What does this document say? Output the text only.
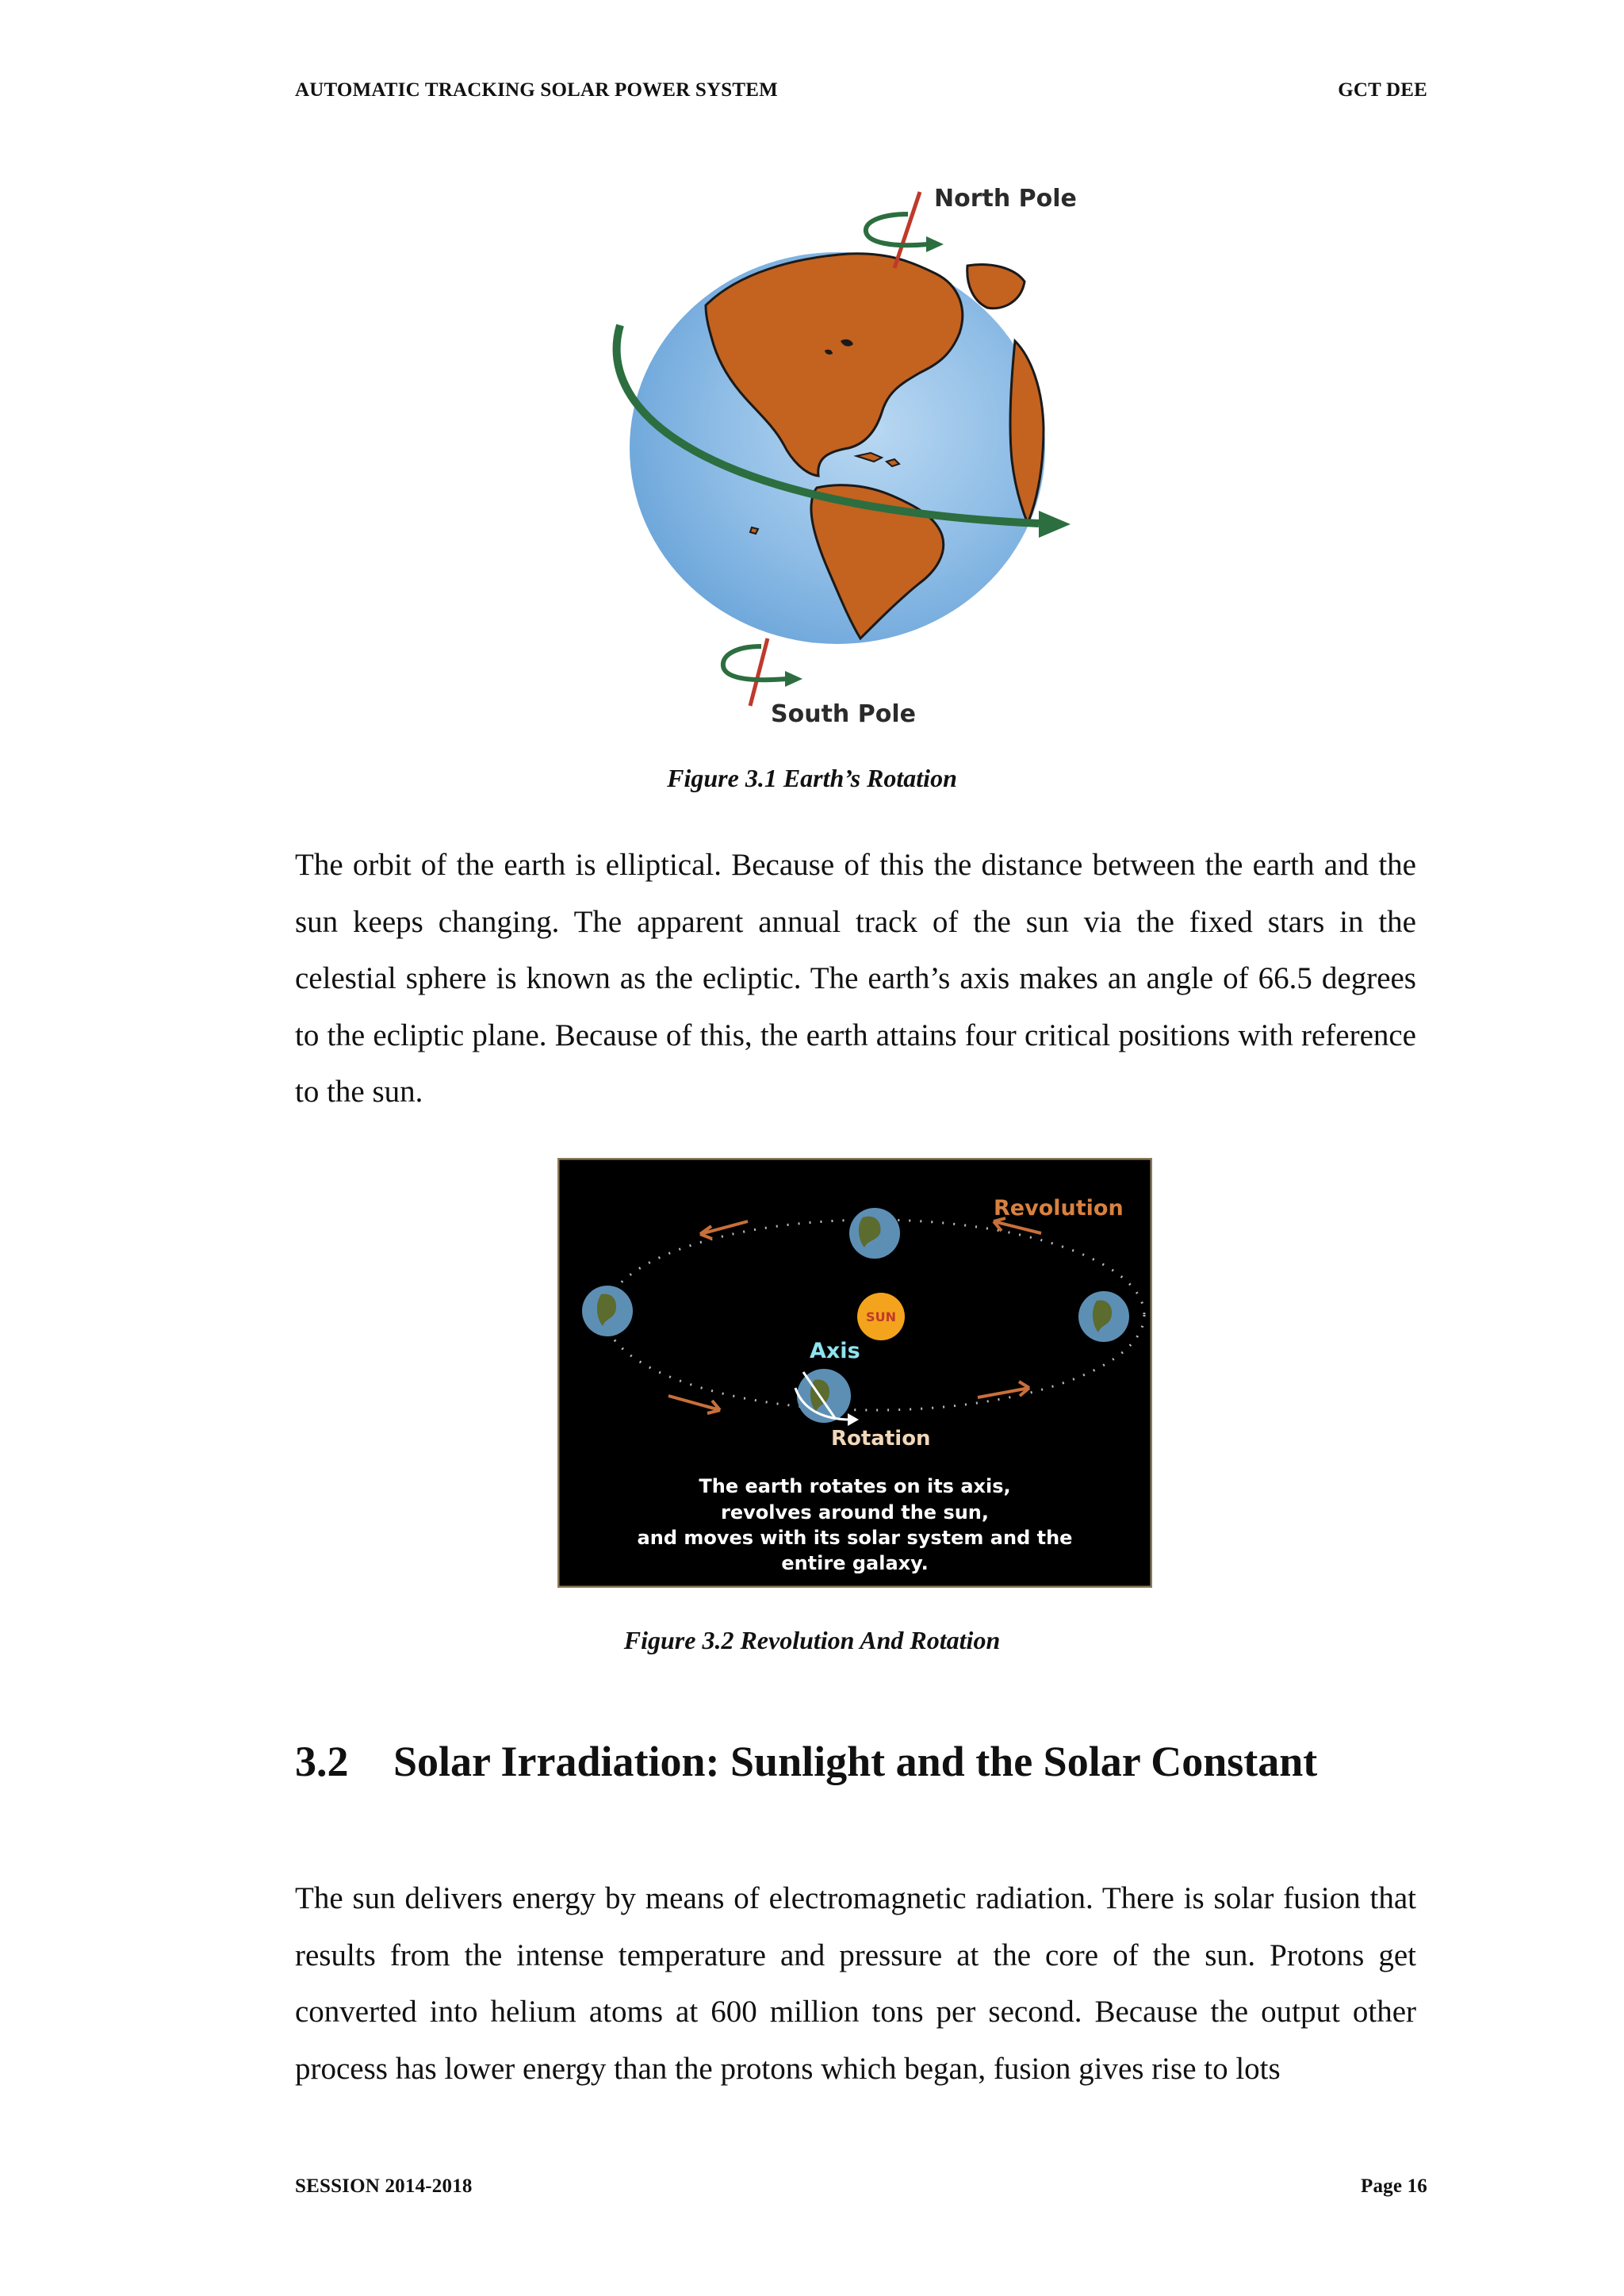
AUTOMATIC TRACKING SOLAR POWER SYSTEM	GCT DEE
North Pole
South Pole
Figure 3.1 Earth’s Rotation

The orbit of the earth is elliptical. Because of this the distance between the earth and the sun keeps changing. The apparent annual track of the sun via the fixed stars in the celestial sphere is known as the ecliptic. The earth’s axis makes an angle of 66.5 degrees to the ecliptic plane. Because of this, the earth attains four critical positions with reference to the sun.

Revolution
SUN
Axis
Rotation
The earth rotates on its axis,
revolves around the sun,
and moves with its solar system and the
entire galaxy.
Figure 3.2 Revolution And Rotation
3.2	Solar Irradiation: Sunlight and the Solar Constant

The sun delivers energy by means of electromagnetic radiation. There is solar fusion that results from the intense temperature and pressure at the core of the sun. Protons get converted into helium atoms at 600 million tons per second. Because the output other process has lower energy than the protons which began, fusion gives rise to lots

SESSION 2014-2018	Page 16
